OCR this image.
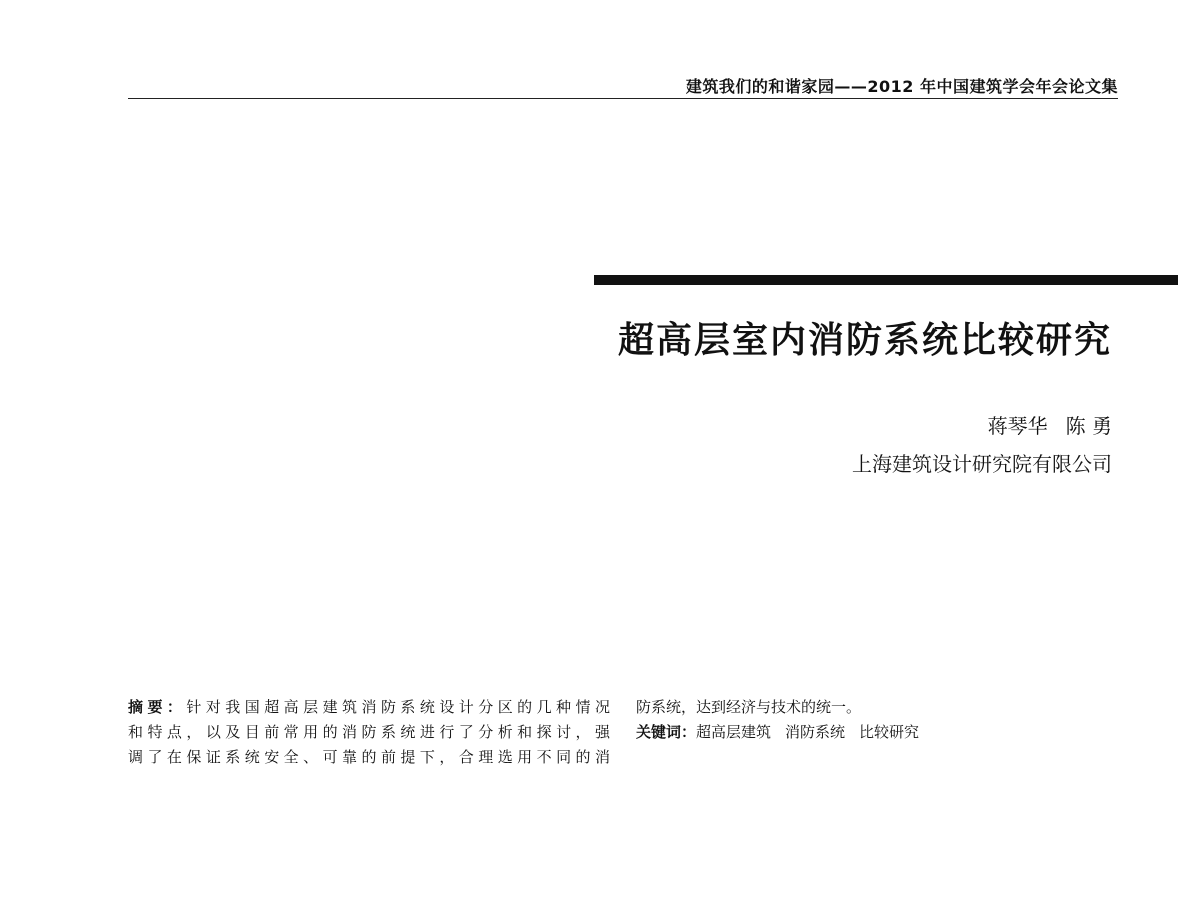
建筑我们的和谐家园——2012 年中国建筑学会年会论文集
超高层室内消防系统比较研究
蒋琴华 陈 勇
上海建筑设计研究院有限公司
摘要：针对我国超高层建筑消防系统设计分区的几种情况
和特点，以及目前常用的消防系统进行了分析和探讨，强
调了在保证系统安全、可靠的前提下，合理选用不同的消
防系统，达到经济与技术的统一。
关键词：超高层建筑 消防系统 比较研究
